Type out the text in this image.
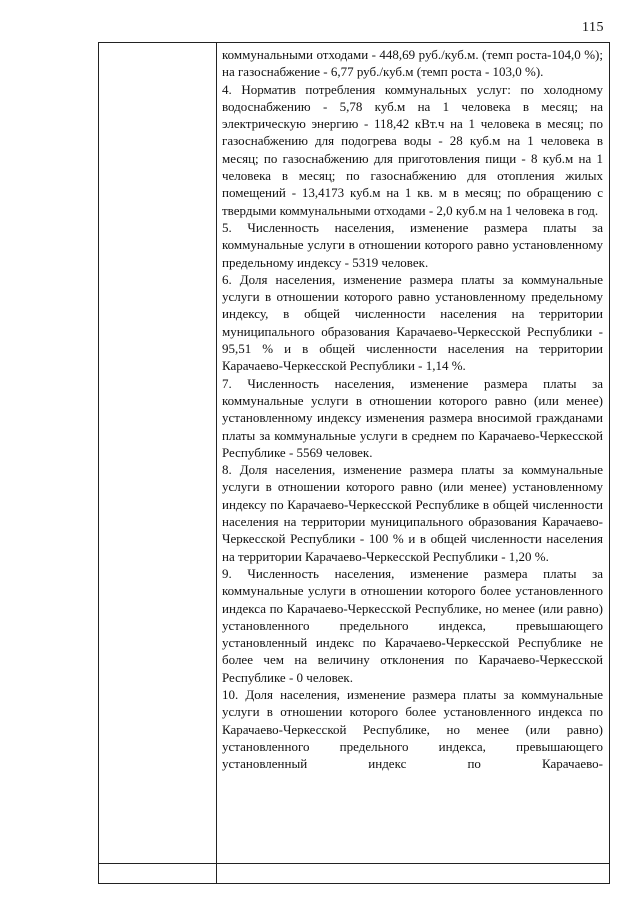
115

коммунальными отходами - 448,69 руб./куб.м. (темп роста-104,0 %); на газоснабжение - 6,77 руб./куб.м (темп роста - 103,0 %).

4. Норматив потребления коммунальных услуг: по холодному водоснабжению - 5,78 куб.м на 1 человека в месяц; на электрическую энергию - 118,42 кВт.ч на 1 человека в месяц; по газоснабжению для подогрева воды - 28 куб.м на 1 человека в месяц; по газоснабжению для приготовления пищи - 8 куб.м на 1 человека в месяц; по газоснабжению для отопления жилых помещений - 13,4173 куб.м на 1 кв. м в месяц; по обращению с твердыми коммунальными отходами - 2,0 куб.м на 1 человека в год.

5. Численность населения, изменение размера платы за коммунальные услуги в отношении которого равно установленному предельному индексу - 5319 человек.

6. Доля населения, изменение размера платы за коммунальные услуги в отношении которого равно установленному предельному индексу, в общей численности населения на территории муниципального образования Карачаево-Черкесской Республики - 95,51 % и в общей численности населения на территории Карачаево-Черкесской Республики - 1,14 %.

7. Численность населения, изменение размера платы за коммунальные услуги в отношении которого равно (или менее) установленному индексу изменения размера вносимой гражданами платы за коммунальные услуги в среднем по Карачаево-Черкесской Республике - 5569 человек.

8. Доля населения, изменение размера платы за коммунальные услуги в отношении которого равно (или менее) установленному индексу по Карачаево-Черкесской Республике в общей численности населения на территории муниципального образования Карачаево-Черкесской Республики - 100 % и в общей численности населения на территории Карачаево-Черкесской Республики - 1,20 %.

9. Численность населения, изменение размера платы за коммунальные услуги в отношении которого более установленного индекса по Карачаево-Черкесской Республике, но менее (или равно) установленного предельного индекса, превышающего установленный индекс по Карачаево-Черкесской Республике не более чем на величину отклонения по Карачаево-Черкесской Республике - 0 человек.

10. Доля населения, изменение размера платы за коммунальные услуги в отношении которого более установленного индекса по Карачаево-Черкесской Республике, но менее (или равно) установленного предельного индекса, превышающего установленный индекс по Карачаево-
